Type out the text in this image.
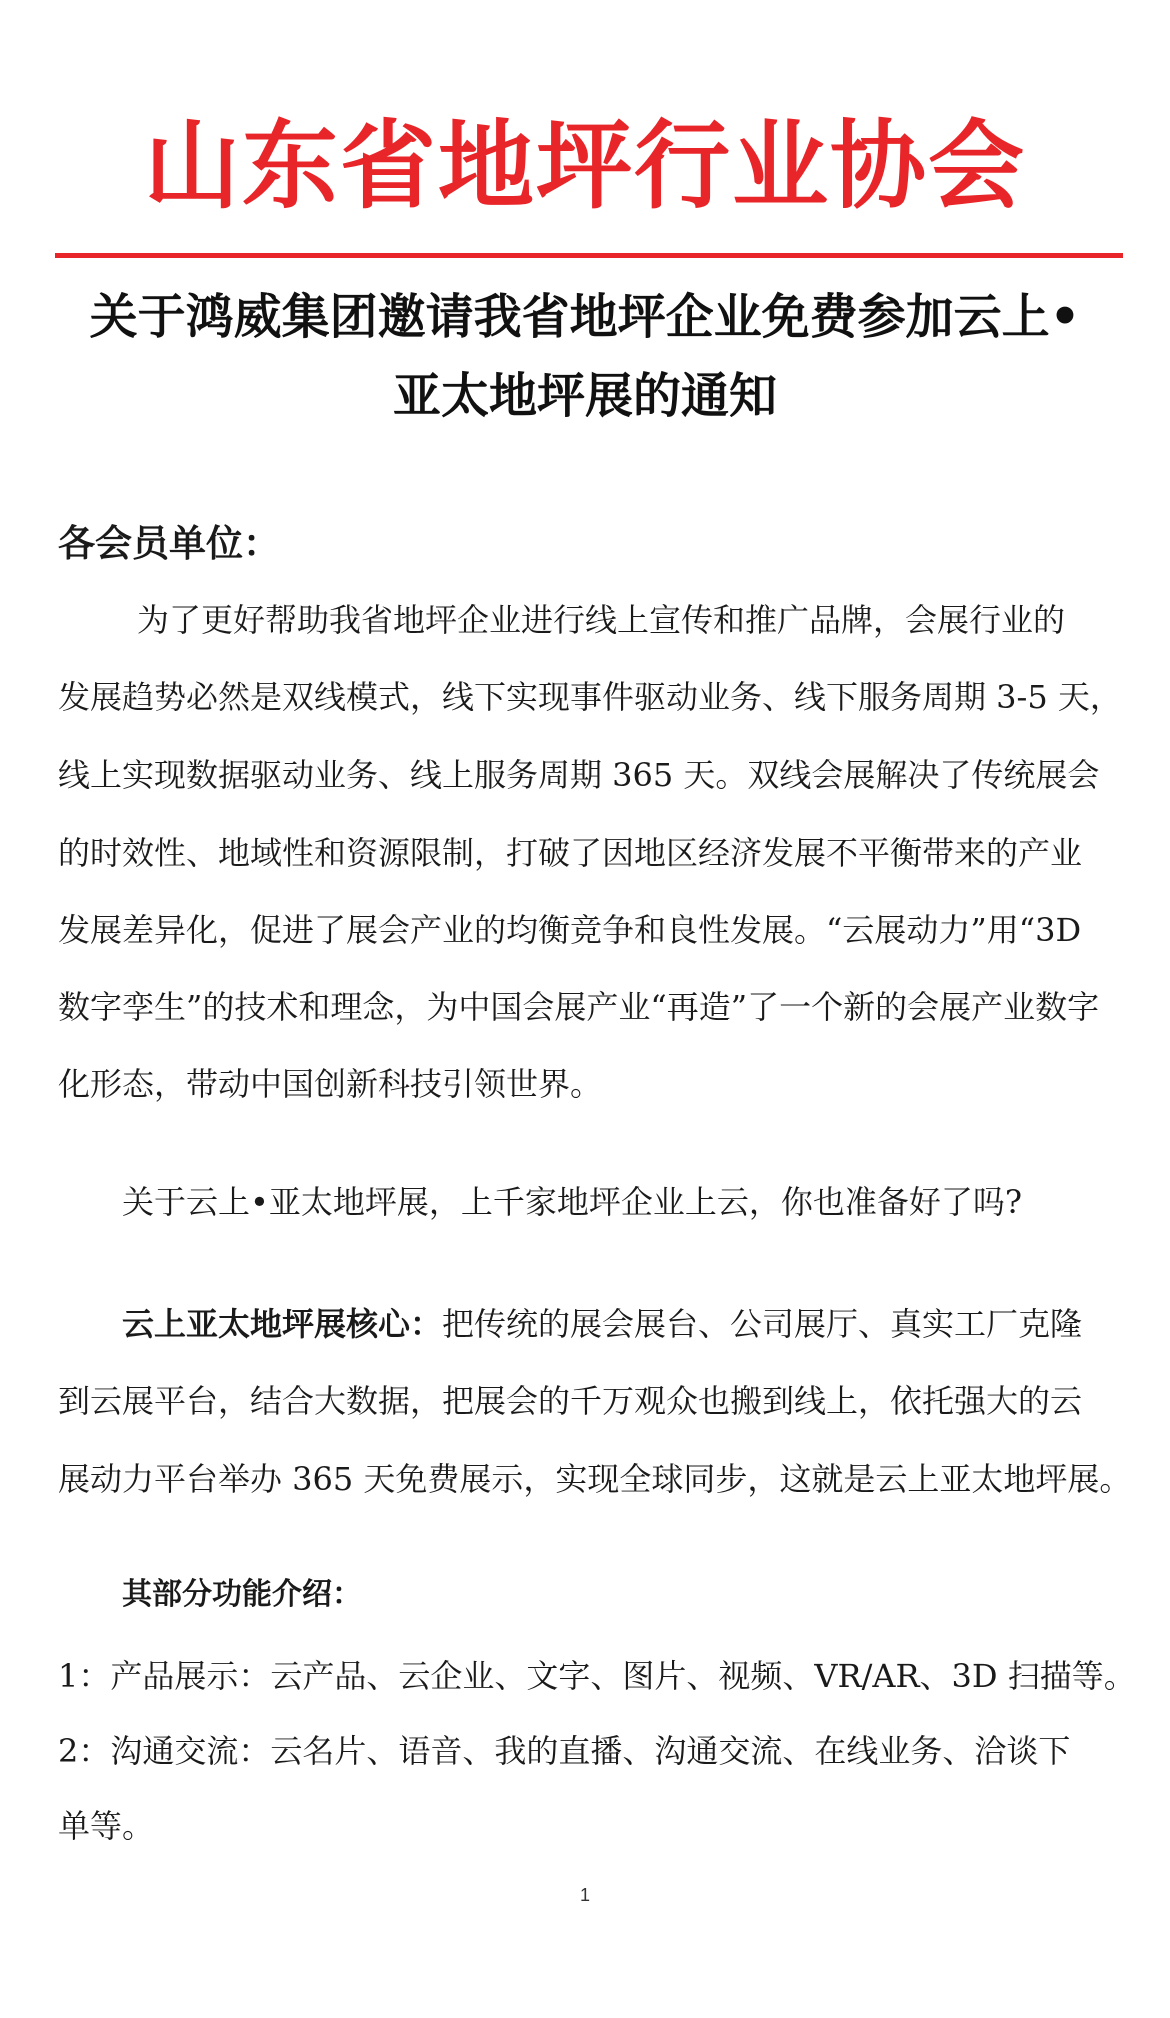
山东省地坪行业协会
关于鸿威集团邀请我省地坪企业免费参加云上•
亚太地坪展的通知
各会员单位：
为了更好帮助我省地坪企业进行线上宣传和推广品牌，会展行业的
发展趋势必然是双线模式，线下实现事件驱动业务、线下服务周期 3-5 天，
线上实现数据驱动业务、线上服务周期 365 天。双线会展解决了传统展会
的时效性、地域性和资源限制，打破了因地区经济发展不平衡带来的产业
发展差异化，促进了展会产业的均衡竞争和良性发展。“云展动力”用“3D
数字孪生”的技术和理念，为中国会展产业“再造”了一个新的会展产业数字
化形态，带动中国创新科技引领世界。
关于云上•亚太地坪展，上千家地坪企业上云，你也准备好了吗?
云上亚太地坪展核心：把传统的展会展台、公司展厅、真实工厂克隆
到云展平台，结合大数据，把展会的千万观众也搬到线上，依托强大的云
展动力平台举办 365 天免费展示，实现全球同步，这就是云上亚太地坪展。
其部分功能介绍：
1：产品展示：云产品、云企业、文字、图片、视频、VR/AR、3D 扫描等。
2：沟通交流：云名片、语音、我的直播、沟通交流、在线业务、洽谈下
单等。
1
